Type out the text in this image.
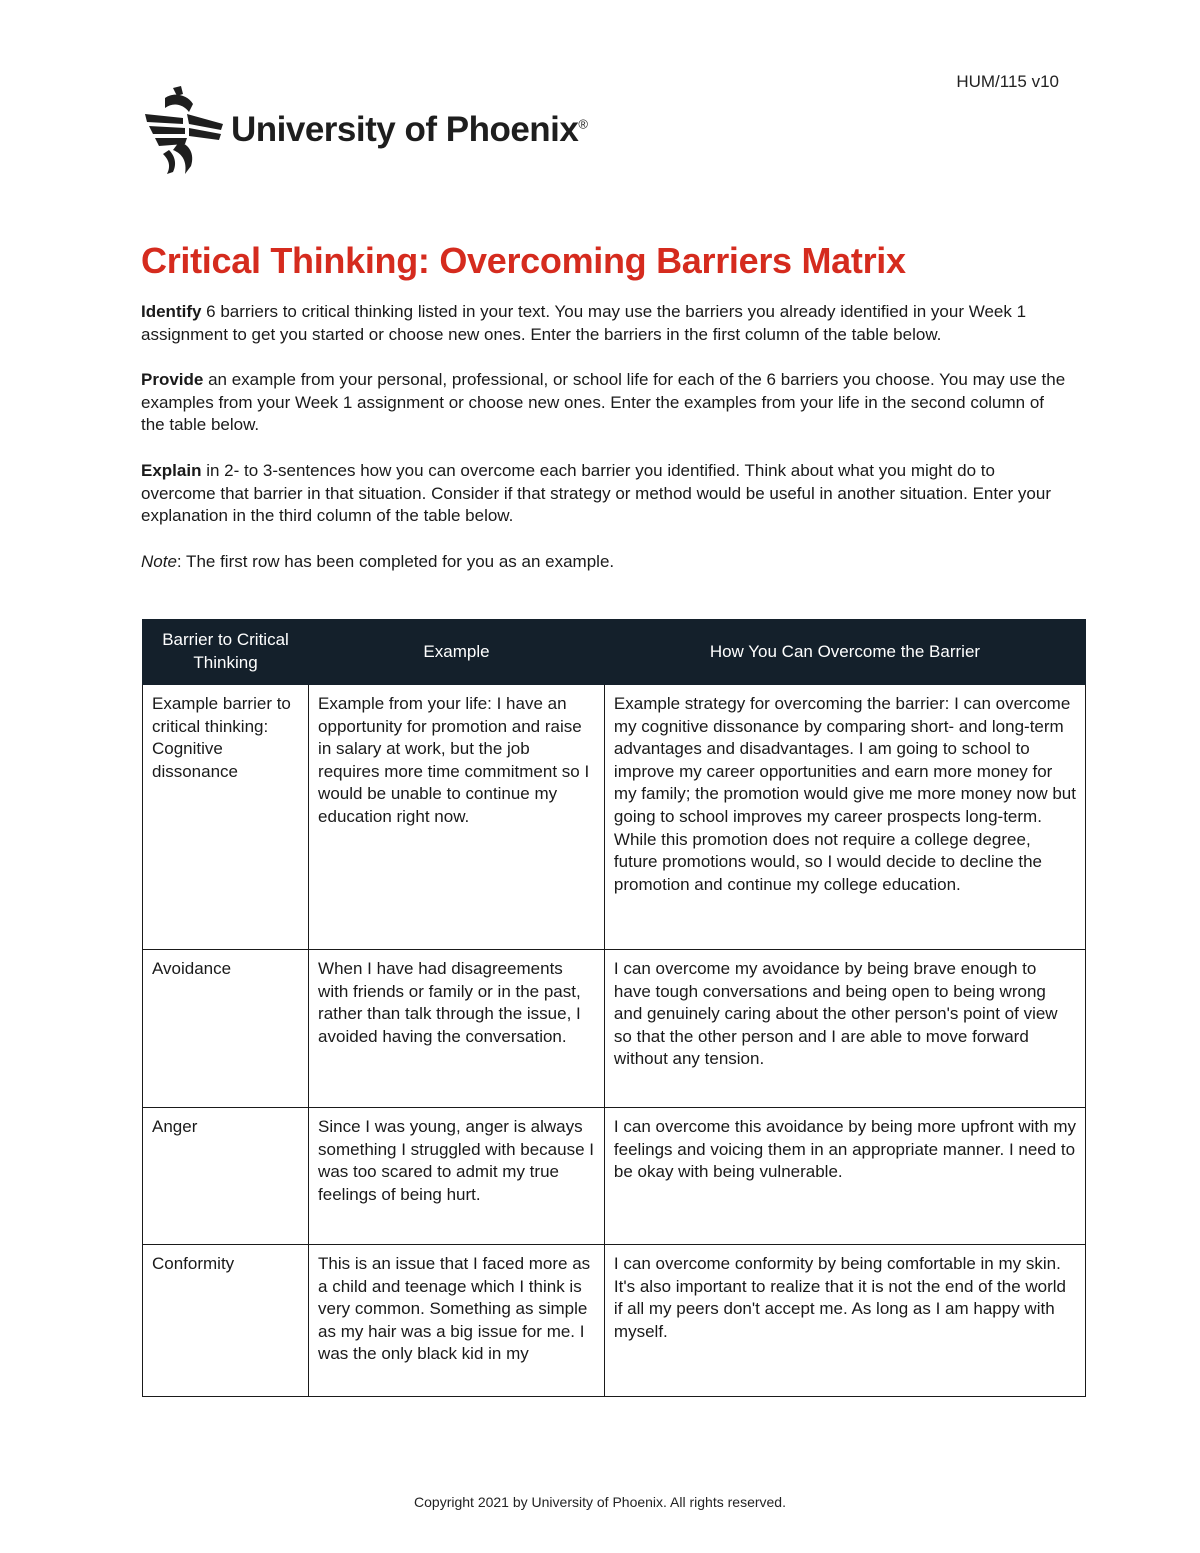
HUM/115 v10
University of Phoenix®
Critical Thinking: Overcoming Barriers Matrix

Identify 6 barriers to critical thinking listed in your text. You may use the barriers you already identified in your Week 1 assignment to get you started or choose new ones. Enter the barriers in the first column of the table below.

Provide an example from your personal, professional, or school life for each of the 6 barriers you choose. You may use the examples from your Week 1 assignment or choose new ones. Enter the examples from your life in the second column of the table below.

Explain in 2- to 3-sentences how you can overcome each barrier you identified. Think about what you might do to overcome that barrier in that situation. Consider if that strategy or method would be useful in another situation. Enter your explanation in the third column of the table below.

Note: The first row has been completed for you as an example.

Barrier to Critical Thinking	Example	How You Can Overcome the Barrier
Example barrier to critical thinking: Cognitive dissonance	Example from your life: I have an opportunity for promotion and raise in salary at work, but the job requires more time commitment so I would be unable to continue my education right now.	Example strategy for overcoming the barrier: I can overcome my cognitive dissonance by comparing short- and long-term advantages and disadvantages. I am going to school to improve my career opportunities and earn more money for my family; the promotion would give me more money now but going to school improves my career prospects long-term. While this promotion does not require a college degree, future promotions would, so I would decide to decline the promotion and continue my college education.
Avoidance	When I have had disagreements with friends or family or in the past, rather than talk through the issue, I avoided having the conversation.	I can overcome my avoidance by being brave enough to have tough conversations and being open to being wrong and genuinely caring about the other person's point of view so that the other person and I are able to move forward without any tension.
Anger	Since I was young, anger is always something I struggled with because I was too scared to admit my true feelings of being hurt.	I can overcome this avoidance by being more upfront with my feelings and voicing them in an appropriate manner. I need to be okay with being vulnerable.
Conformity	This is an issue that I faced more as a child and teenage which I think is very common. Something as simple as my hair was a big issue for me. I was the only black kid in my	I can overcome conformity by being comfortable in my skin. It's also important to realize that it is not the end of the world if all my peers don't accept me. As long as I am happy with myself.
Copyright 2021 by University of Phoenix. All rights reserved.
